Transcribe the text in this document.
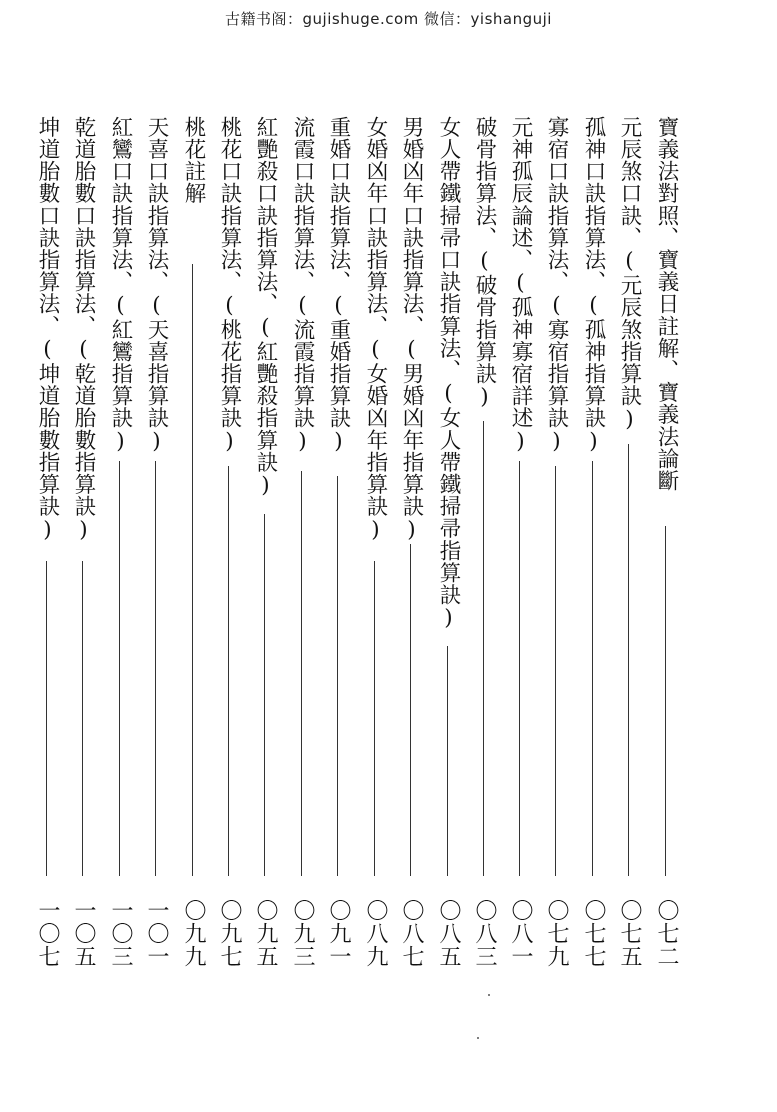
古籍书阁：gujishuge.com 微信：yishanguji
寶義法對照、寶義日註解、寶義法論斷
〇七二
元辰煞口訣、(元辰煞指算訣)
〇七五
孤神口訣指算法、(孤神指算訣)
〇七七
寡宿口訣指算法、(寡宿指算訣)
〇七九
元神孤辰論述、(孤神寡宿詳述)
〇八一
破骨指算法、(破骨指算訣)
〇八三
女人帶鐵掃帚口訣指算法、(女人帶鐵掃帚指算訣)
〇八五
男婚凶年口訣指算法、(男婚凶年指算訣)
〇八七
女婚凶年口訣指算法、(女婚凶年指算訣)
〇八九
重婚口訣指算法、(重婚指算訣)
〇九一
流霞口訣指算法、(流霞指算訣)
〇九三
紅艷殺口訣指算法、(紅艷殺指算訣)
〇九五
桃花口訣指算法、(桃花指算訣)
〇九七
桃花註解
〇九九
天喜口訣指算法、(天喜指算訣)
一〇一
紅鸞口訣指算法、(紅鸞指算訣)
一〇三
乾道胎數口訣指算法、(乾道胎數指算訣)
一〇五
坤道胎數口訣指算法、(坤道胎數指算訣)
一〇七
